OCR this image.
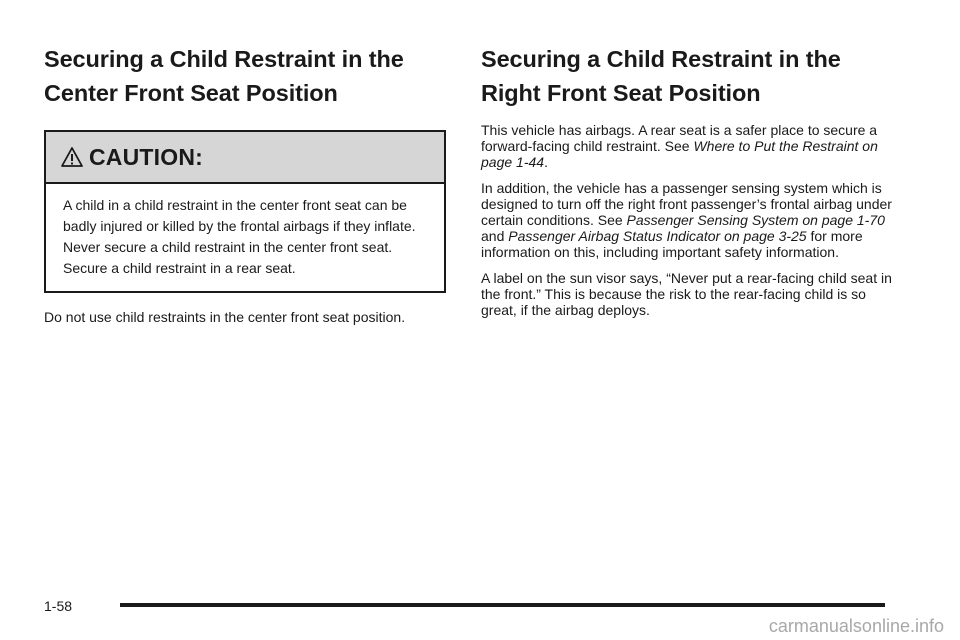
Securing a Child Restraint in the
Center Front Seat Position
CAUTION:
A child in a child restraint in the center front seat can be badly injured or killed by the frontal airbags if they inflate. Never secure a child restraint in the center front seat. Secure a child restraint in a rear seat.

Do not use child restraints in the center front seat position.

Securing a Child Restraint in the
Right Front Seat Position

This vehicle has airbags. A rear seat is a safer place to secure a forward-facing child restraint. See Where to Put the Restraint on page 1-44.

In addition, the vehicle has a passenger sensing system which is designed to turn off the right front passenger’s frontal airbag under certain conditions. See Passenger Sensing System on page 1-70 and Passenger Airbag Status Indicator on page 3-25 for more information on this, including important safety information.

A label on the sun visor says, “Never put a rear-facing child seat in the front.” This is because the risk to the rear-facing child is so great, if the airbag deploys.

1-58
carmanualsonline.info
